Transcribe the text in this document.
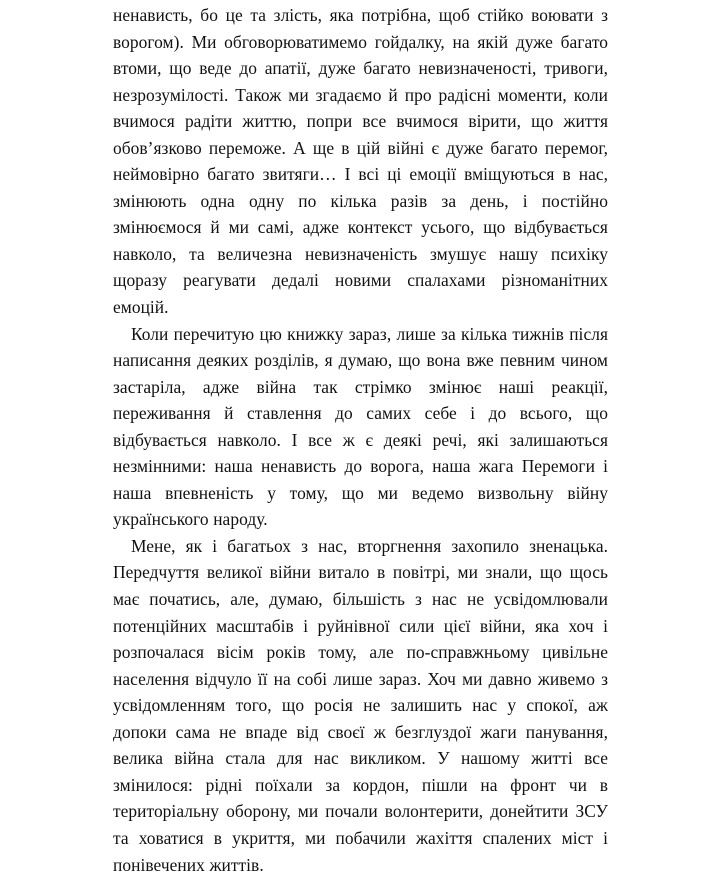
ненависть, бо це та злість, яка потрібна, щоб стійко воювати з ворогом). Ми обговорюватимемо гойдалку, на якій дуже багато втоми, що веде до апатії, дуже багато невизначеності, тривоги, незрозумілості. Також ми згадаємо й про радісні моменти, коли вчимося радіти життю, попри все вчимося вірити, що життя обов’язково переможе. А ще в цій війні є дуже багато перемог, неймовірно багато звитяги… І всі ці емоції вміщуються в нас, змінюють одна одну по кілька разів за день, і постійно змінюємося й ми самі, адже контекст усього, що відбувається навколо, та величезна невизначеність змушує нашу психіку щоразу реагувати дедалі новими спалахами різноманітних емоцій.

Коли перечитую цю книжку зараз, лише за кілька тижнів після написання деяких розділів, я думаю, що вона вже певним чином застаріла, адже війна так стрімко змінює наші реакції, переживання й ставлення до самих себе і до всього, що відбувається навколо. І все ж є деякі речі, які залишаються незмінними: наша ненависть до ворога, наша жага Перемоги і наша впевненість у тому, що ми ведемо визвольну війну українського народу.

Мене, як і багатьох з нас, вторгнення захопило зненацька. Передчуття великої війни витало в повітрі, ми знали, що щось має початись, але, думаю, більшість з нас не усвідомлювали потенційних масштабів і руйнівної сили цієї війни, яка хоч і розпочалася вісім років тому, але по-справжньому цивільне населення відчуло її на собі лише зараз. Хоч ми давно живемо з усвідомленням того, що росія не залишить нас у спокої, аж допоки сама не впаде від своєї ж безглуздої жаги панування, велика війна стала для нас викликом. У нашому житті все змінилося: рідні поїхали за кордон, пішли на фронт чи в територіальну оборону, ми почали волонтерити, донейтити ЗСУ та ховатися в укриття, ми побачили жахіття спалених міст і понівечених життів.
